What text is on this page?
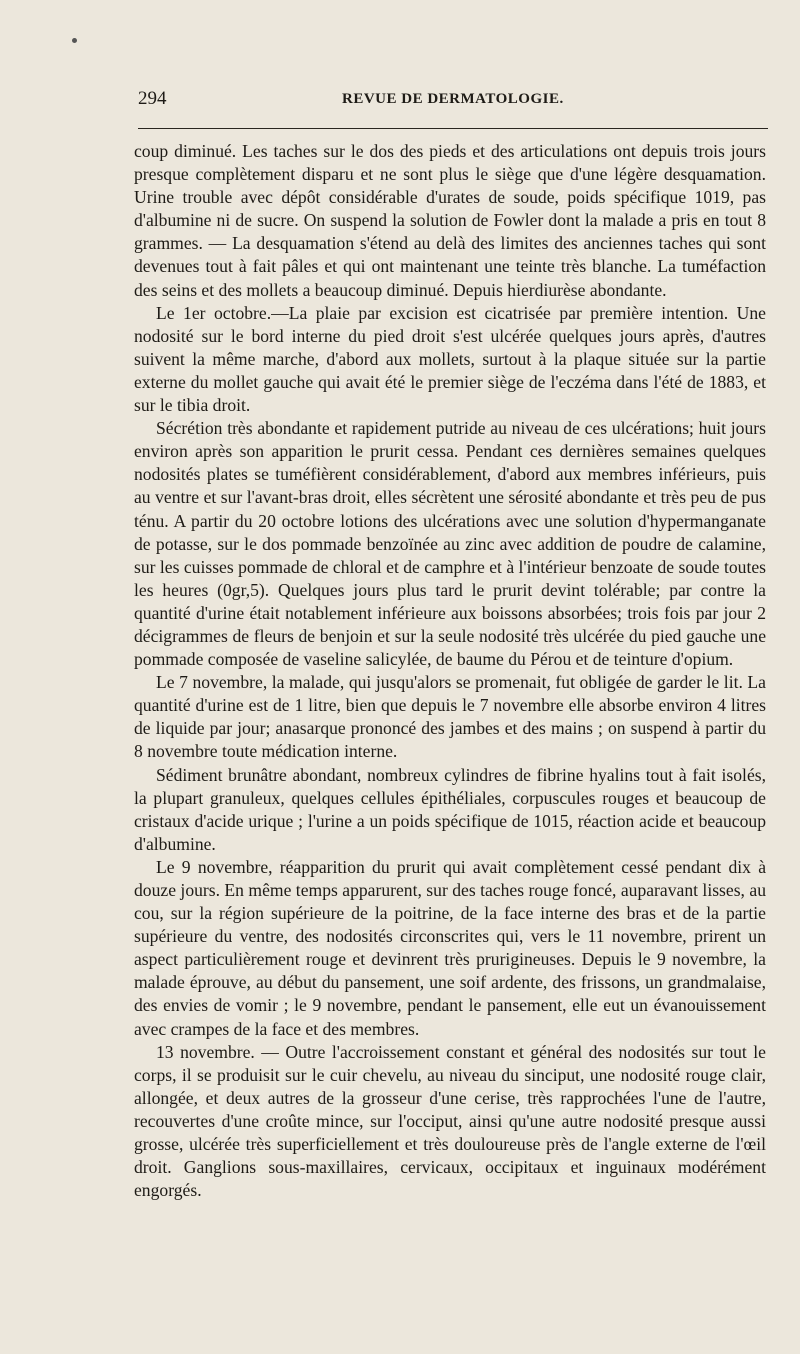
294	REVUE DE DERMATOLOGIE.

coup diminué. Les taches sur le dos des pieds et des articulations ont depuis trois jours presque complètement disparu et ne sont plus le siège que d'une légère desquamation. Urine trouble avec dépôt considérable d'urates de soude, poids spécifique 1019, pas d'albumine ni de sucre. On suspend la solution de Fowler dont la malade a pris en tout 8 grammes. — La desquamation s'étend au delà des limites des anciennes taches qui sont devenues tout à fait pâles et qui ont maintenant une teinte très blanche. La tuméfaction des seins et des mollets a beaucoup diminué. Depuis hierdiurèse abondante.

Le 1er octobre.—La plaie par excision est cicatrisée par première intention. Une nodosité sur le bord interne du pied droit s'est ulcérée quelques jours après, d'autres suivent la même marche, d'abord aux mollets, surtout à la plaque située sur la partie externe du mollet gauche qui avait été le premier siège de l'eczéma dans l'été de 1883, et sur le tibia droit.

Sécrétion très abondante et rapidement putride au niveau de ces ulcérations; huit jours environ après son apparition le prurit cessa. Pendant ces dernières semaines quelques nodosités plates se tuméfièrent considérablement, d'abord aux membres inférieurs, puis au ventre et sur l'avant-bras droit, elles sécrètent une sérosité abondante et très peu de pus ténu. A partir du 20 octobre lotions des ulcérations avec une solution d'hypermanganate de potasse, sur le dos pommade benzoïnée au zinc avec addition de poudre de calamine, sur les cuisses pommade de chloral et de camphre et à l'intérieur benzoate de soude toutes les heures (0gr,5). Quelques jours plus tard le prurit devint tolérable; par contre la quantité d'urine était notablement inférieure aux boissons absorbées; trois fois par jour 2 décigrammes de fleurs de benjoin et sur la seule nodosité très ulcérée du pied gauche une pommade composée de vaseline salicylée, de baume du Pérou et de teinture d'opium.

Le 7 novembre, la malade, qui jusqu'alors se promenait, fut obligée de garder le lit. La quantité d'urine est de 1 litre, bien que depuis le 7 novembre elle absorbe environ 4 litres de liquide par jour; anasarque prononcé des jambes et des mains ; on suspend à partir du 8 novembre toute médication interne.

Sédiment brunâtre abondant, nombreux cylindres de fibrine hyalins tout à fait isolés, la plupart granuleux, quelques cellules épithéliales, corpuscules rouges et beaucoup de cristaux d'acide urique ; l'urine a un poids spécifique de 1015, réaction acide et beaucoup d'albumine.

Le 9 novembre, réapparition du prurit qui avait complètement cessé pendant dix à douze jours. En même temps apparurent, sur des taches rouge foncé, auparavant lisses, au cou, sur la région supérieure de la poitrine, de la face interne des bras et de la partie supérieure du ventre, des nodosités circonscrites qui, vers le 11 novembre, prirent un aspect particulièrement rouge et devinrent très prurigineuses. Depuis le 9 novembre, la malade éprouve, au début du pansement, une soif ardente, des frissons, un grandmalaise, des envies de vomir ; le 9 novembre, pendant le pansement, elle eut un évanouissement avec crampes de la face et des membres.

13 novembre. — Outre l'accroissement constant et général des nodosités sur tout le corps, il se produisit sur le cuir chevelu, au niveau du sinciput, une nodosité rouge clair, allongée, et deux autres de la grosseur d'une cerise, très rapprochées l'une de l'autre, recouvertes d'une croûte mince, sur l'occiput, ainsi qu'une autre nodosité presque aussi grosse, ulcérée très superficiellement et très douloureuse près de l'angle externe de l'œil droit. Ganglions sous-maxillaires, cervicaux, occipitaux et inguinaux modérément engorgés.
